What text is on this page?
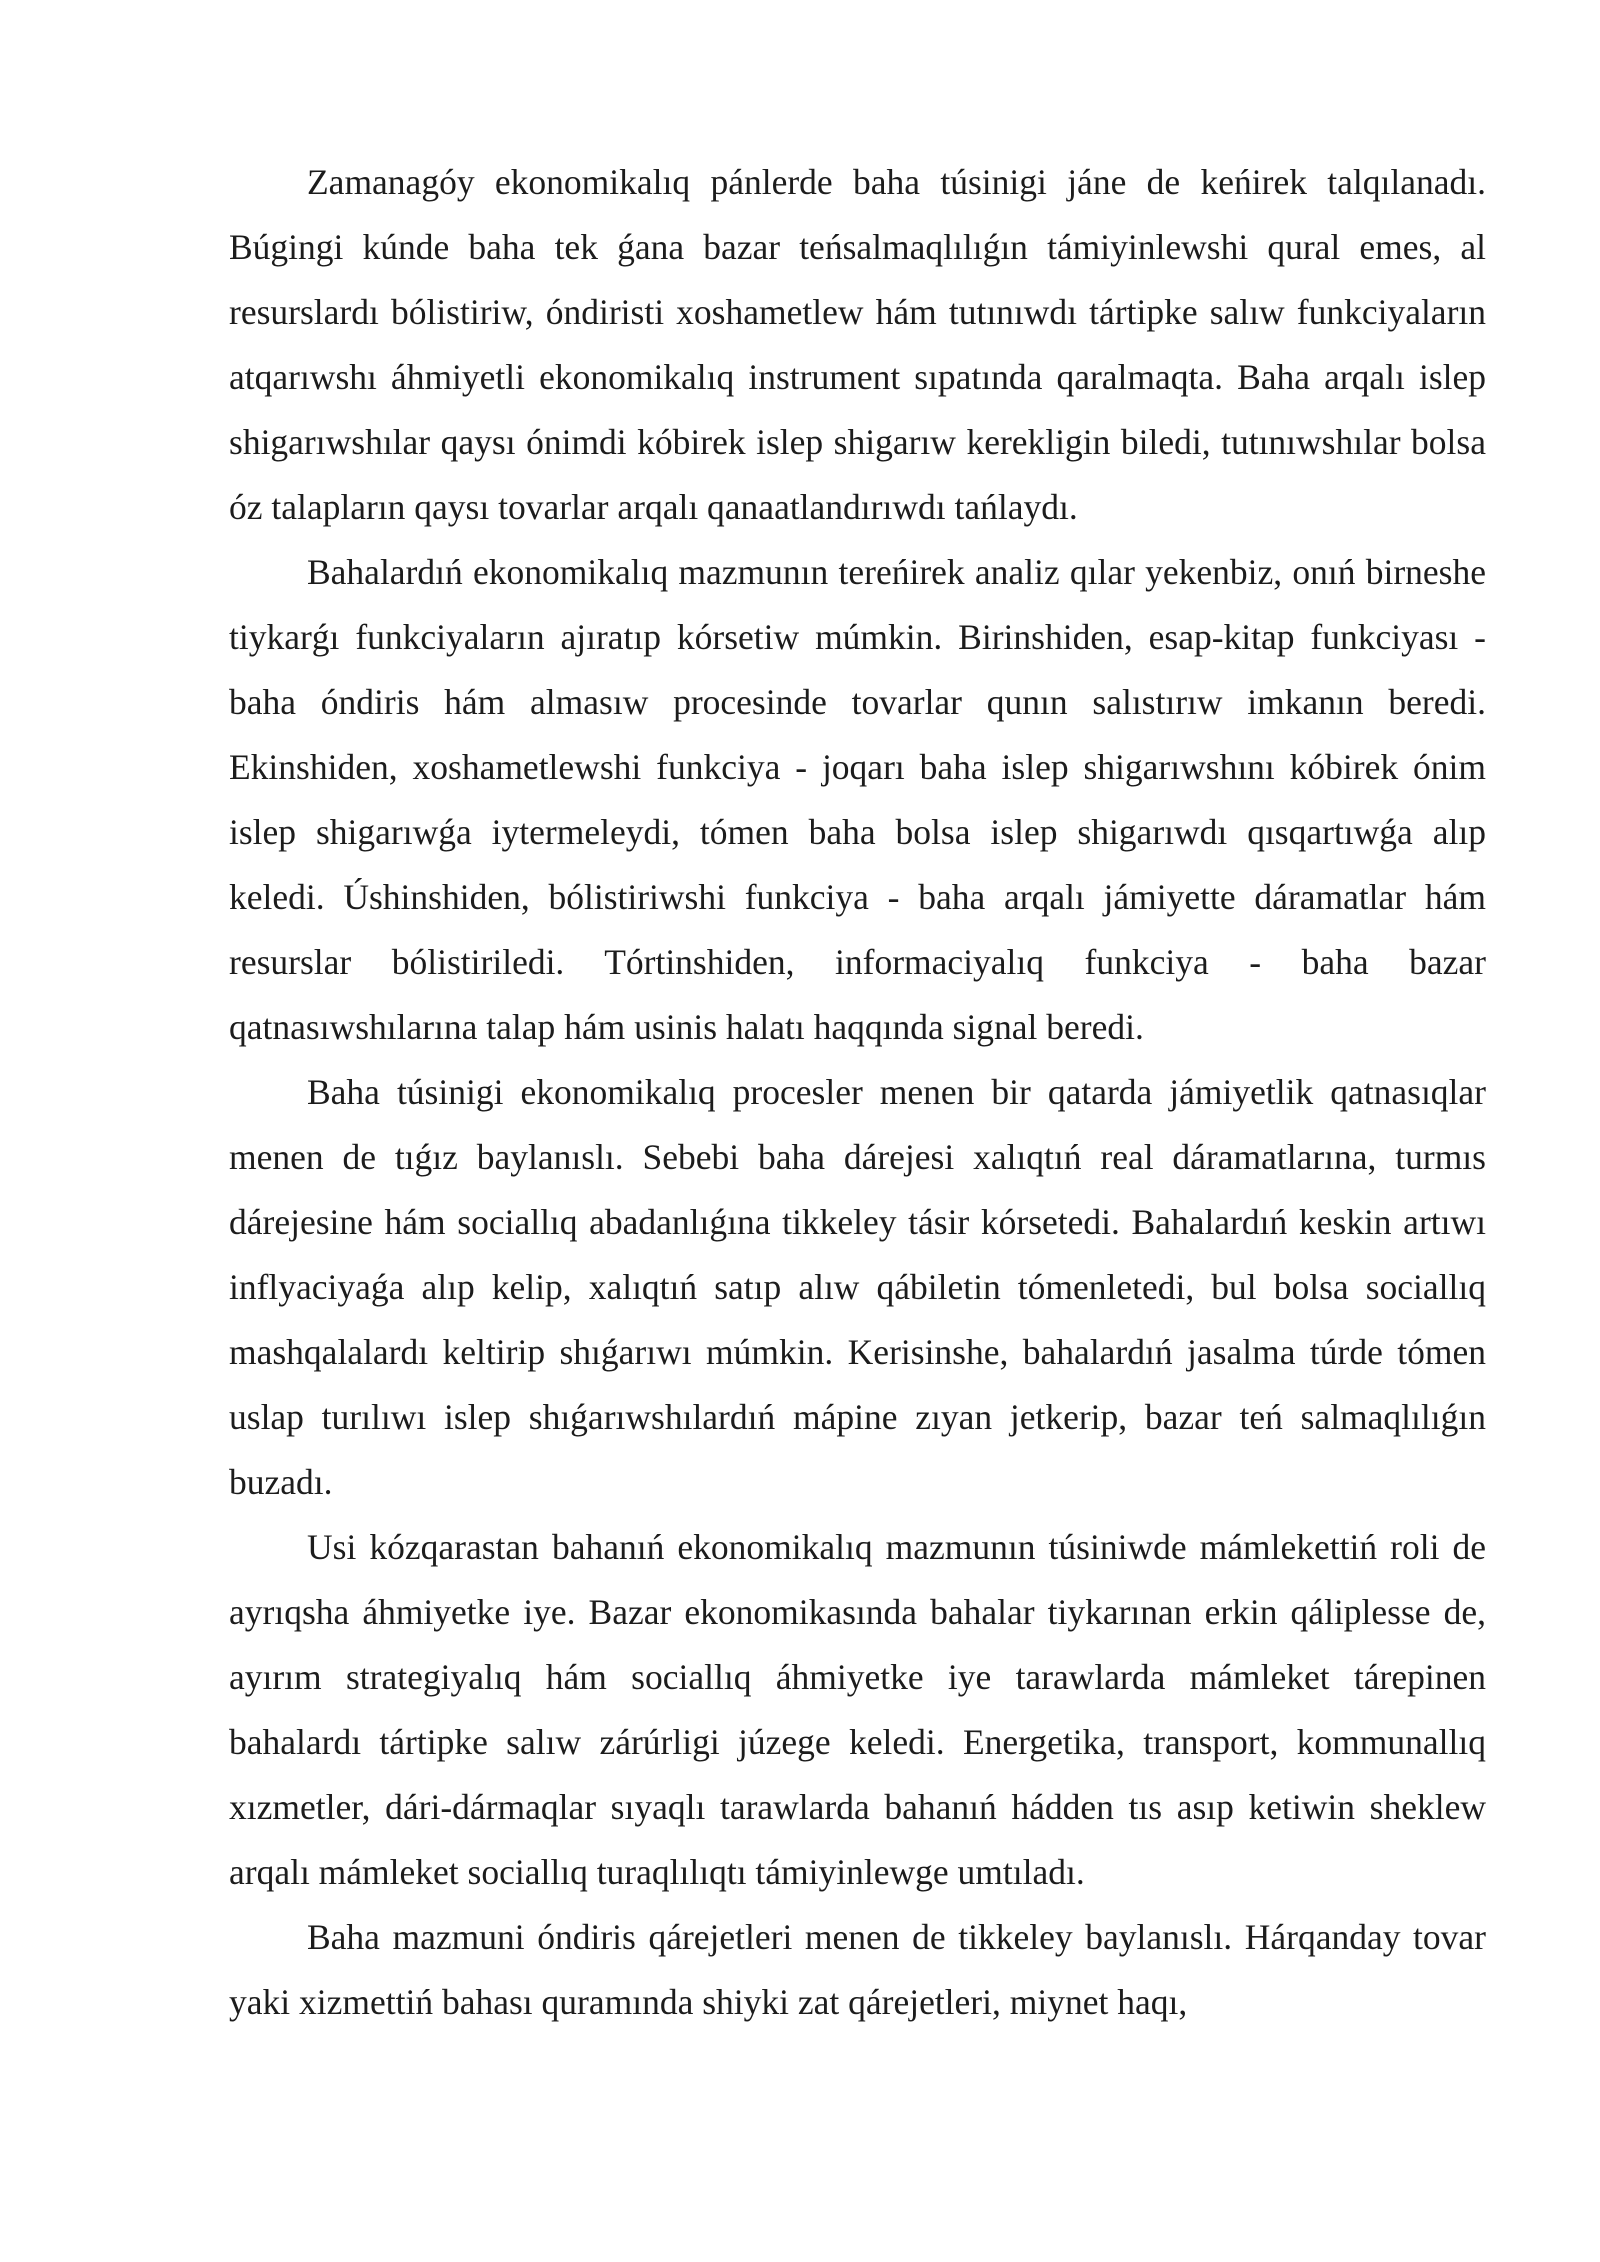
Zamanagóy ekonomikalıq pánlerde baha túsinigi jáne de keńirek talqılanadı. Búgingi kúnde baha tek ǵana bazar teńsalmaqlılıǵın támiyinlewshi qural emes, al resurslardı bólistiriw, óndiristi xoshametlew hám tutınıwdı tártipke salıw funkciyaların atqarıwshı áhmiyetli ekonomikalıq instrument sıpatında qaralmaqta. Baha arqalı islep shigarıwshılar qaysı ónimdi kóbirek islep shigarıw kerekligin biledi, tutınıwshılar bolsa óz talapların qaysı tovarlar arqalı qanaatlandırıwdı tańlaydı.

Bahalardıń ekonomikalıq mazmunın tereńirek analiz qılar yekenbiz, onıń birneshe tiykarǵı funkciyaların ajıratıp kórsetiw múmkin. Birinshiden, esap-kitap funkciyası - baha óndiris hám almasıw procesinde tovarlar qunın salıstırıw imkanın beredi. Ekinshiden, xoshametlewshi funkciya - joqarı baha islep shigarıwshını kóbirek ónim islep shigarıwǵa iytermeleydi, tómen baha bolsa islep shigarıwdı qısqartıwǵa alıp keledi. Úshinshiden, bólistiriwshi funkciya - baha arqalı jámiyette dáramatlar hám resurslar bólistiriledi. Tórtinshiden, informaciyalıq funkciya - baha bazar qatnasıwshılarına talap hám usinis halatı haqqında signal beredi.

Baha túsinigi ekonomikalıq procesler menen bir qatarda jámiyetlik qatnasıqlar menen de tıǵız baylanıslı. Sebebi baha dárejesi xalıqtıń real dáramatlarına, turmıs dárejesine hám sociallıq abadanlıǵına tikkeley tásir kórsetedi. Bahalardıń keskin artıwı inflyaciyaǵa alıp kelip, xalıqtıń satıp alıw qábiletin tómenletedi, bul bolsa sociallıq mashqalalardı keltirip shıǵarıwı múmkin. Kerisinshe, bahalardıń jasalma túrde tómen uslap turılıwı islep shıǵarıwshılardıń mápine zıyan jetkerip, bazar teń salmaqlılıǵın buzadı.

Usi kózqarastan bahanıń ekonomikalıq mazmunın túsiniwde mámlekettiń roli de ayrıqsha áhmiyetke iye. Bazar ekonomikasında bahalar tiykarınan erkin qáliplesse de, ayırım strategiyalıq hám sociallıq áhmiyetke iye tarawlarda mámleket tárepinen bahalardı tártipke salıw zárúrligi júzege keledi. Energetika, transport, kommunallıq xızmetler, dári-dármaqlar sıyaqlı tarawlarda bahanıń hádden tıs asıp ketiwin sheklew arqalı mámleket sociallıq turaqlılıqtı támiyinlewge umtıladı.

Baha mazmuni óndiris qárejetleri menen de tikkeley baylanıslı. Hárqanday tovar yaki xizmettiń bahası quramında shiyki zat qárejetleri, miynet haqı,
